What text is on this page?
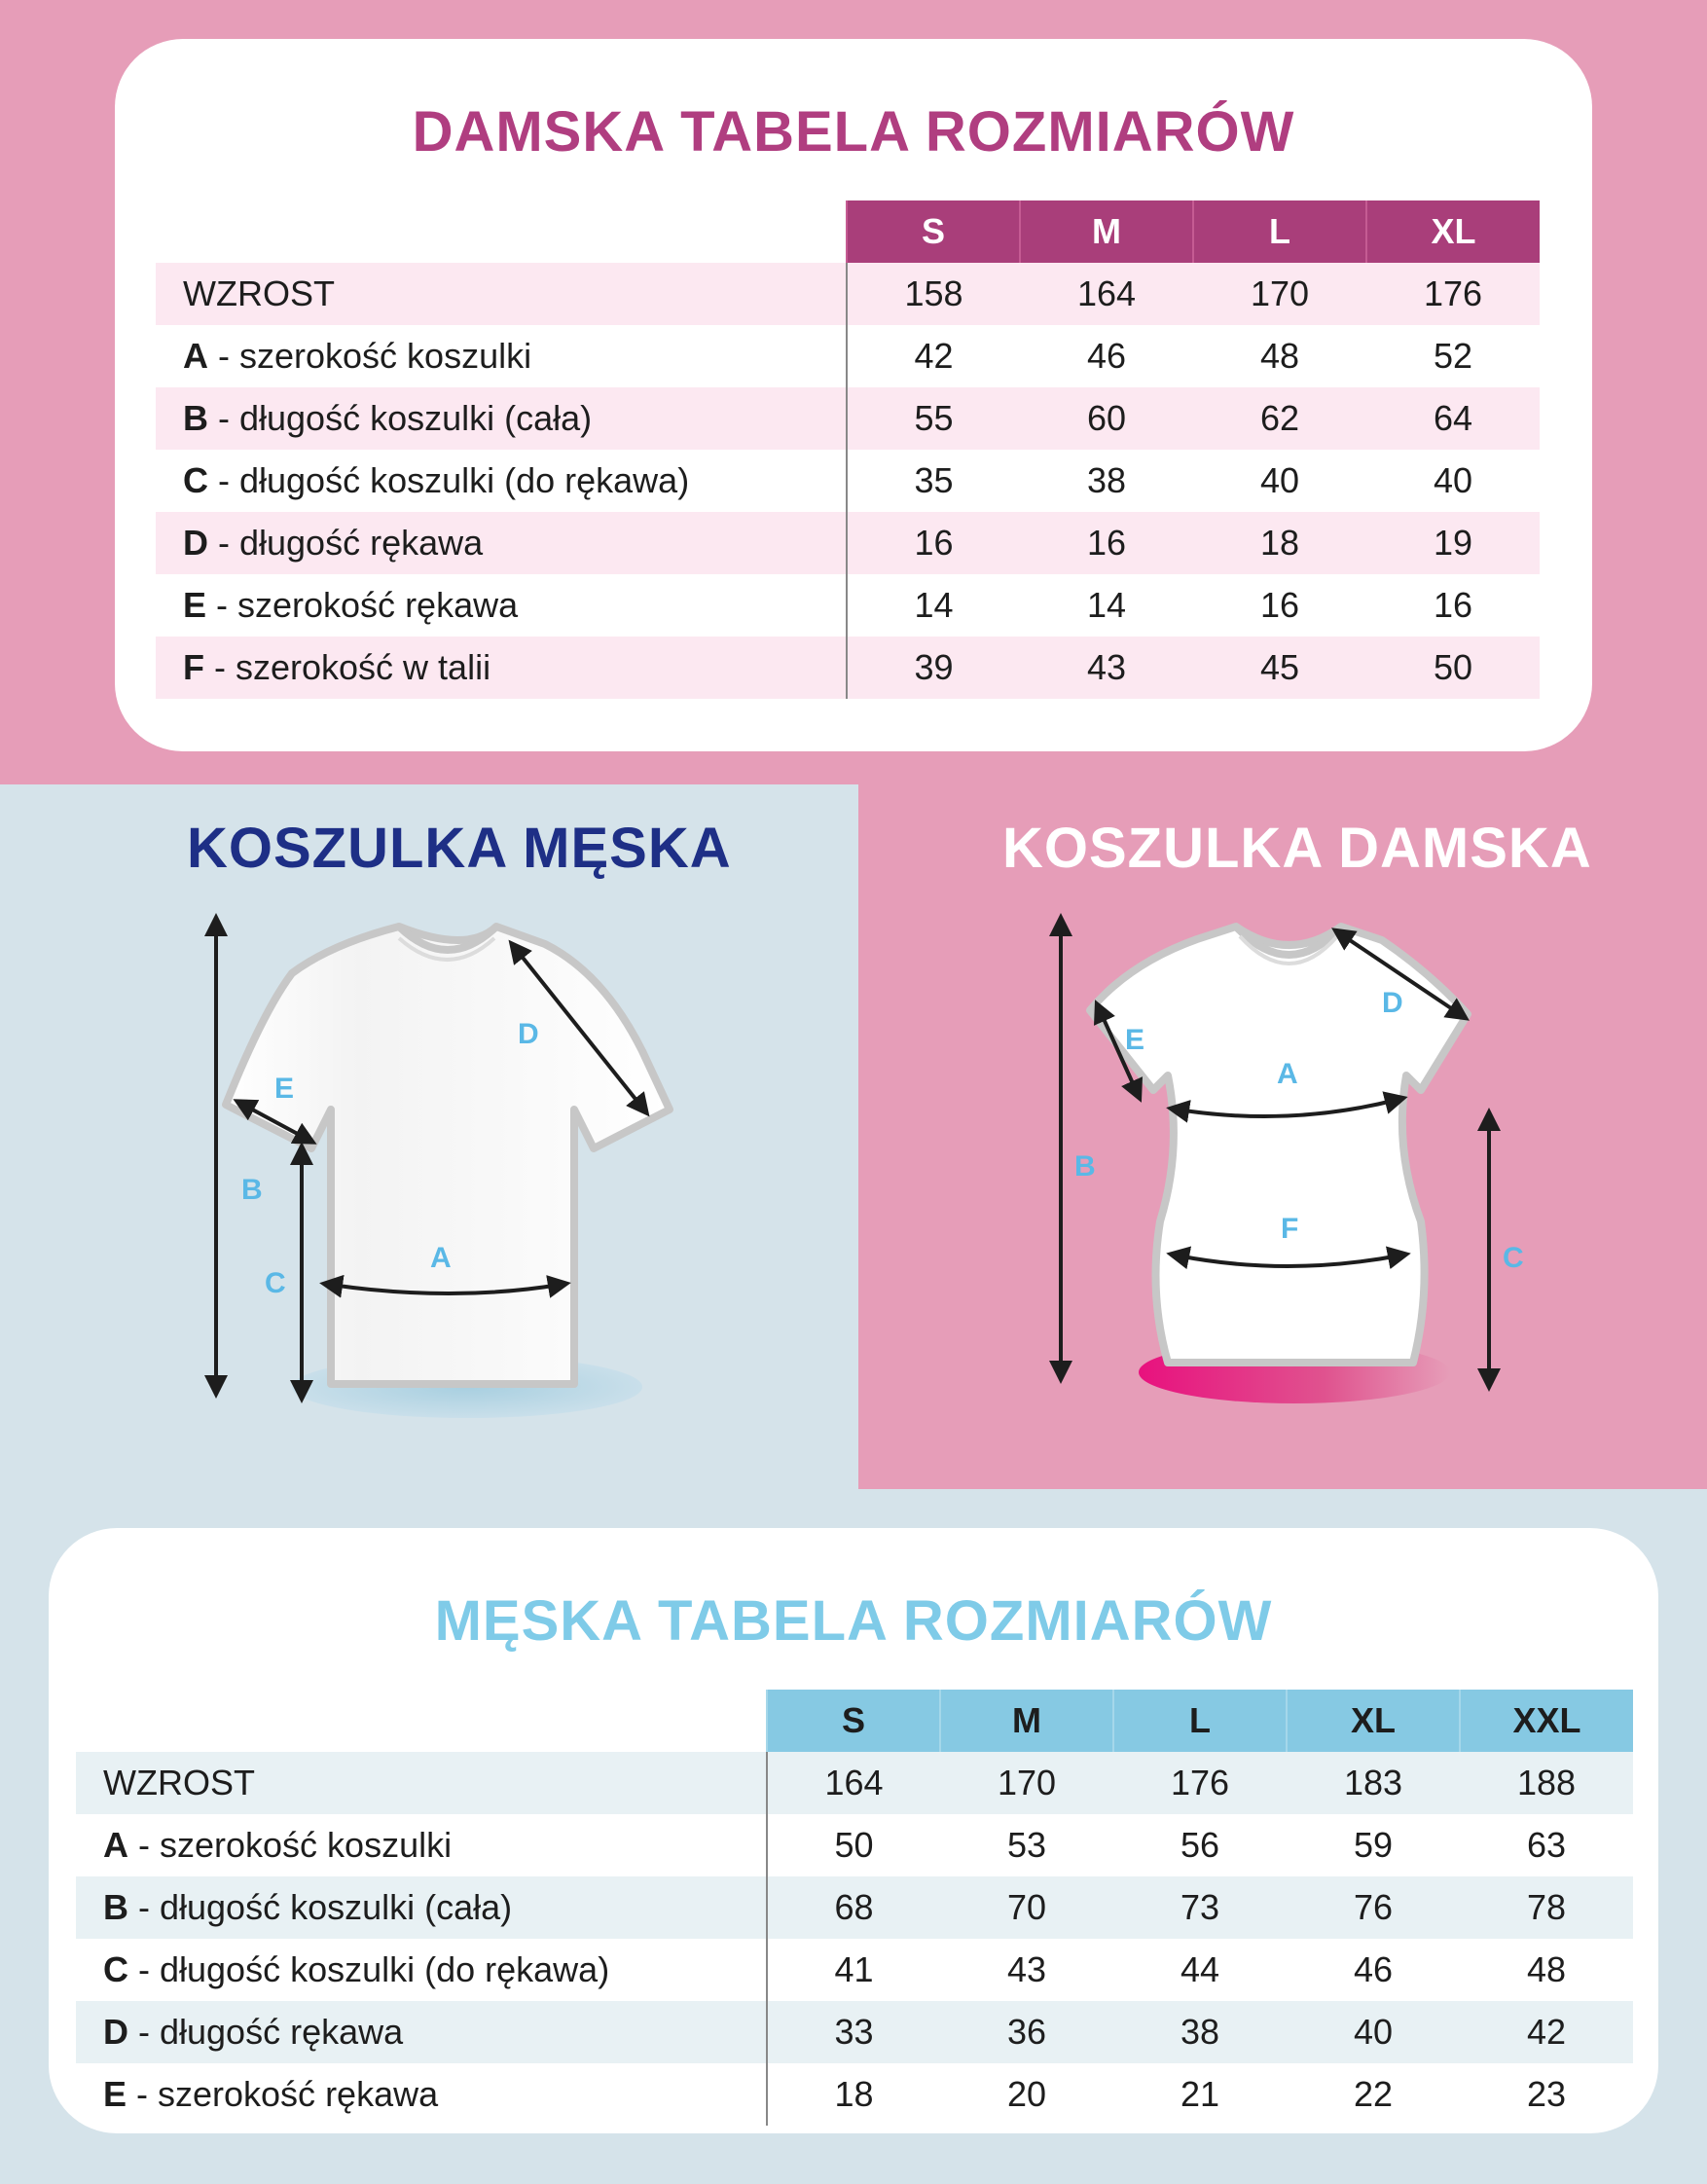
DAMSKA TABELA ROZMIARÓW
	S	M	L	XL
WZROST	158	164	170	176
A - szerokość koszulki	42	46	48	52
B - długość koszulki (cała)	55	60	62	64
C - długość koszulki (do rękawa)	35	38	40	40
D - długość rękawa	16	16	18	19
E - szerokość rękawa	14	14	16	16
F - szerokość w talii	39	43	45	50
KOSZULKA MĘSKA	KOSZULKA DAMSKA
A
B
C
D
E	A
B
C
D
E
F
MĘSKA TABELA ROZMIARÓW
	S	M	L	XL	XXL
WZROST	164	170	176	183	188
A - szerokość koszulki	50	53	56	59	63
B - długość koszulki (cała)	68	70	73	76	78
C - długość koszulki (do rękawa)	41	43	44	46	48
D - długość rękawa	33	36	38	40	42
E - szerokość rękawa	18	20	21	22	23
